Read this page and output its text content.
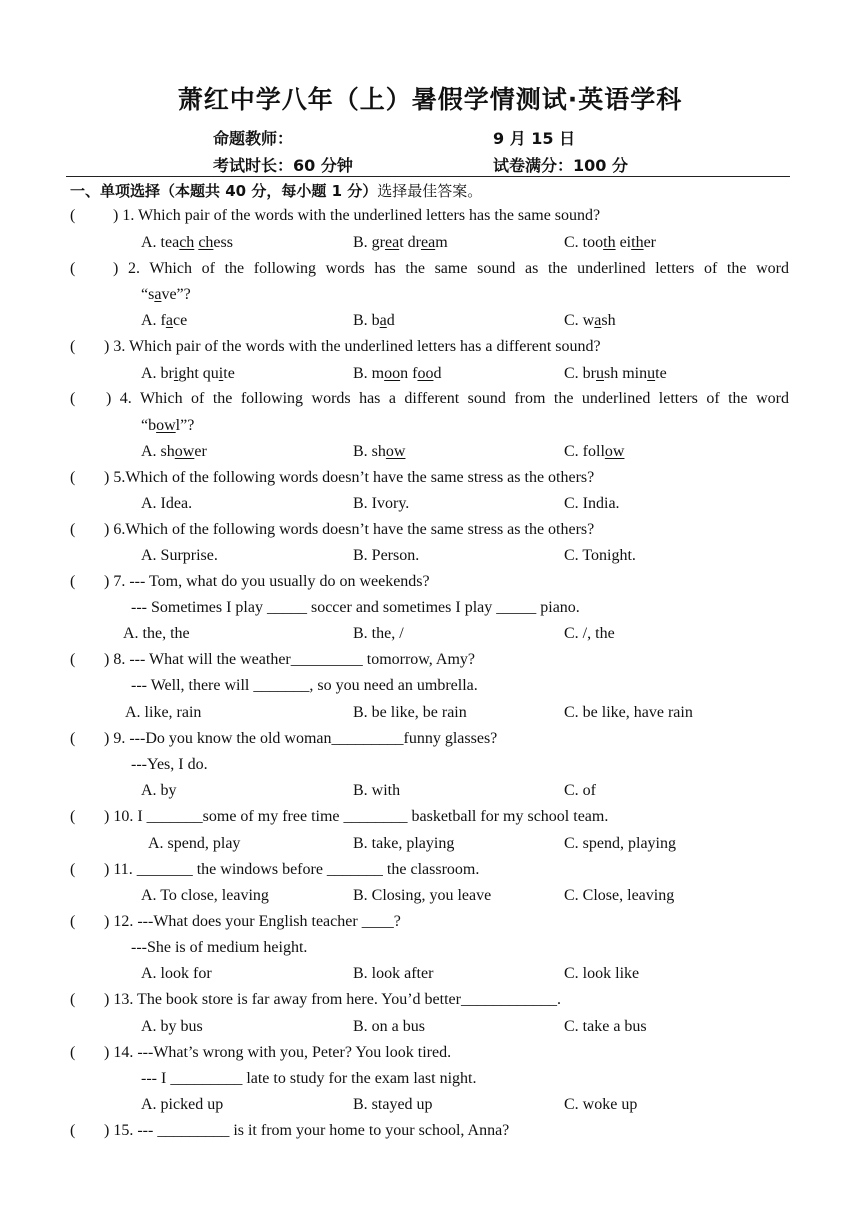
萧红中学八年（上）暑假学情测试·英语学科
命题教师：	9 月 15 日
考试时长：60 分钟	试卷满分：100 分
一、单项选择（本题共 40 分，每小题 1 分）选择最佳答案。
( ) 1. Which pair of the words with the underlined letters has the same sound?
A. teach chess	B. great dream	C. tooth either
( ) 2. Which of the following words has the same sound as the underlined letters of the word
“save”?
A. face	B. bad	C. wash
( ) 3. Which pair of the words with the underlined letters has a different sound?
A. bright quite	B. moon food	C. brush minute
( ) 4. Which of the following words has a different sound from the underlined letters of the word
“bowl”?
A. shower	B. show	C. follow
( ) 5.Which of the following words doesn’t have the same stress as the others?
A. Idea.	B. Ivory.	C. India.
( ) 6.Which of the following words doesn’t have the same stress as the others?
A. Surprise.	B. Person.	C. Tonight.
( ) 7. --- Tom, what do you usually do on weekends?
--- Sometimes I play _____ soccer and sometimes I play _____ piano.
A. the, the	B. the, /	C. /, the
( ) 8. --- What will the weather_________ tomorrow, Amy?
--- Well, there will _______, so you need an umbrella.
A. like, rain	B. be like, be rain	C. be like, have rain
( ) 9. ---Do you know the old woman_________funny glasses?
---Yes, I do.
A. by	B. with	C. of
( ) 10. I _______some of my free time ________ basketball for my school team.
A. spend, play	B. take, playing	C. spend, playing
( ) 11. _______ the windows before _______ the classroom.
A. To close, leaving	B. Closing, you leave	C. Close, leaving
( ) 12. ---What does your English teacher ____?
---She is of medium height.
A. look for	B. look after	C. look like
( ) 13. The book store is far away from here. You’d better____________.
A. by bus	B. on a bus	C. take a bus
( ) 14. ---What’s wrong with you, Peter? You look tired.
--- I _________ late to study for the exam last night.
A. picked up	B. stayed up	C. woke up
( ) 15. --- _________ is it from your home to your school, Anna?
